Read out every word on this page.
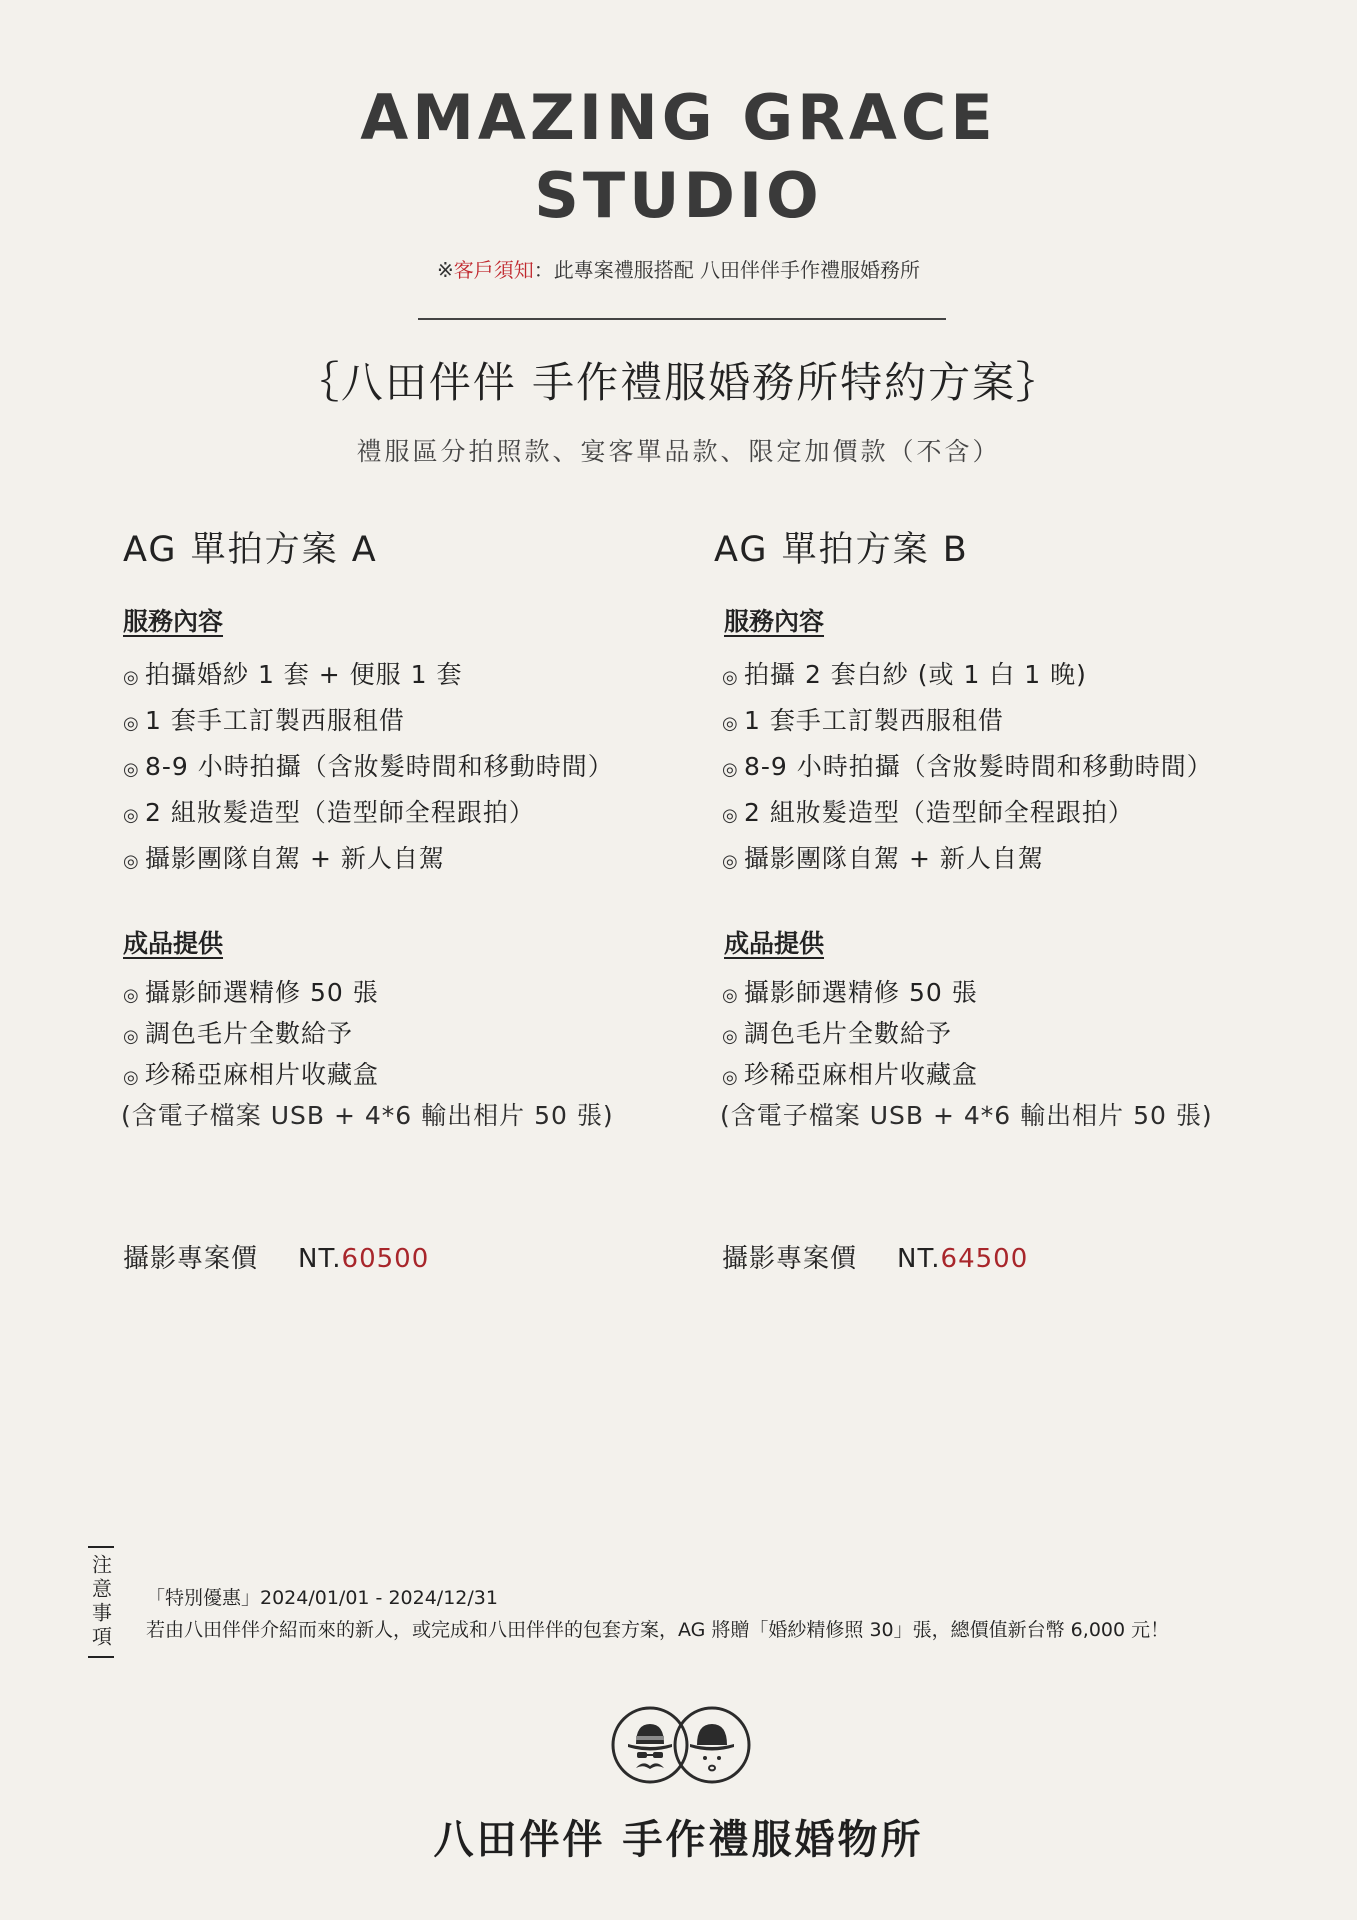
AMAZING GRACE
STUDIO
※客戶須知：此專案禮服搭配 八田伴伴手作禮服婚務所
｛八田伴伴 手作禮服婚務所特約方案｝
禮服區分拍照款、宴客單品款、限定加價款（不含）
AG 單拍方案 A
服務內容
◎ 拍攝婚紗 1 套 + 便服 1 套
◎ 1 套手工訂製西服租借
◎ 8-9 小時拍攝（含妝髮時間和移動時間）
◎ 2 組妝髮造型（造型師全程跟拍）
◎ 攝影團隊自駕 + 新人自駕
成品提供
◎ 攝影師選精修 50 張
◎ 調色毛片全數給予
◎ 珍稀亞麻相片收藏盒
(含電子檔案 USB + 4*6 輸出相片 50 張)
AG 單拍方案 B
服務內容
◎ 拍攝 2 套白紗 (或 1 白 1 晚)
◎ 1 套手工訂製西服租借
◎ 8-9 小時拍攝（含妝髮時間和移動時間）
◎ 2 組妝髮造型（造型師全程跟拍）
◎ 攝影團隊自駕 + 新人自駕
成品提供
◎ 攝影師選精修 50 張
◎ 調色毛片全數給予
◎ 珍稀亞麻相片收藏盒
(含電子檔案 USB + 4*6 輸出相片 50 張)
攝影專案價 NT.60500	攝影專案價 NT.64500
注意事項 「特別優惠」2024/01/01 - 2024/12/31
若由八田伴伴介紹而來的新人，或完成和八田伴伴的包套方案，AG 將贈「婚紗精修照 30」張，總價值新台幣 6,000 元！
八田伴伴 手作禮服婚物所
